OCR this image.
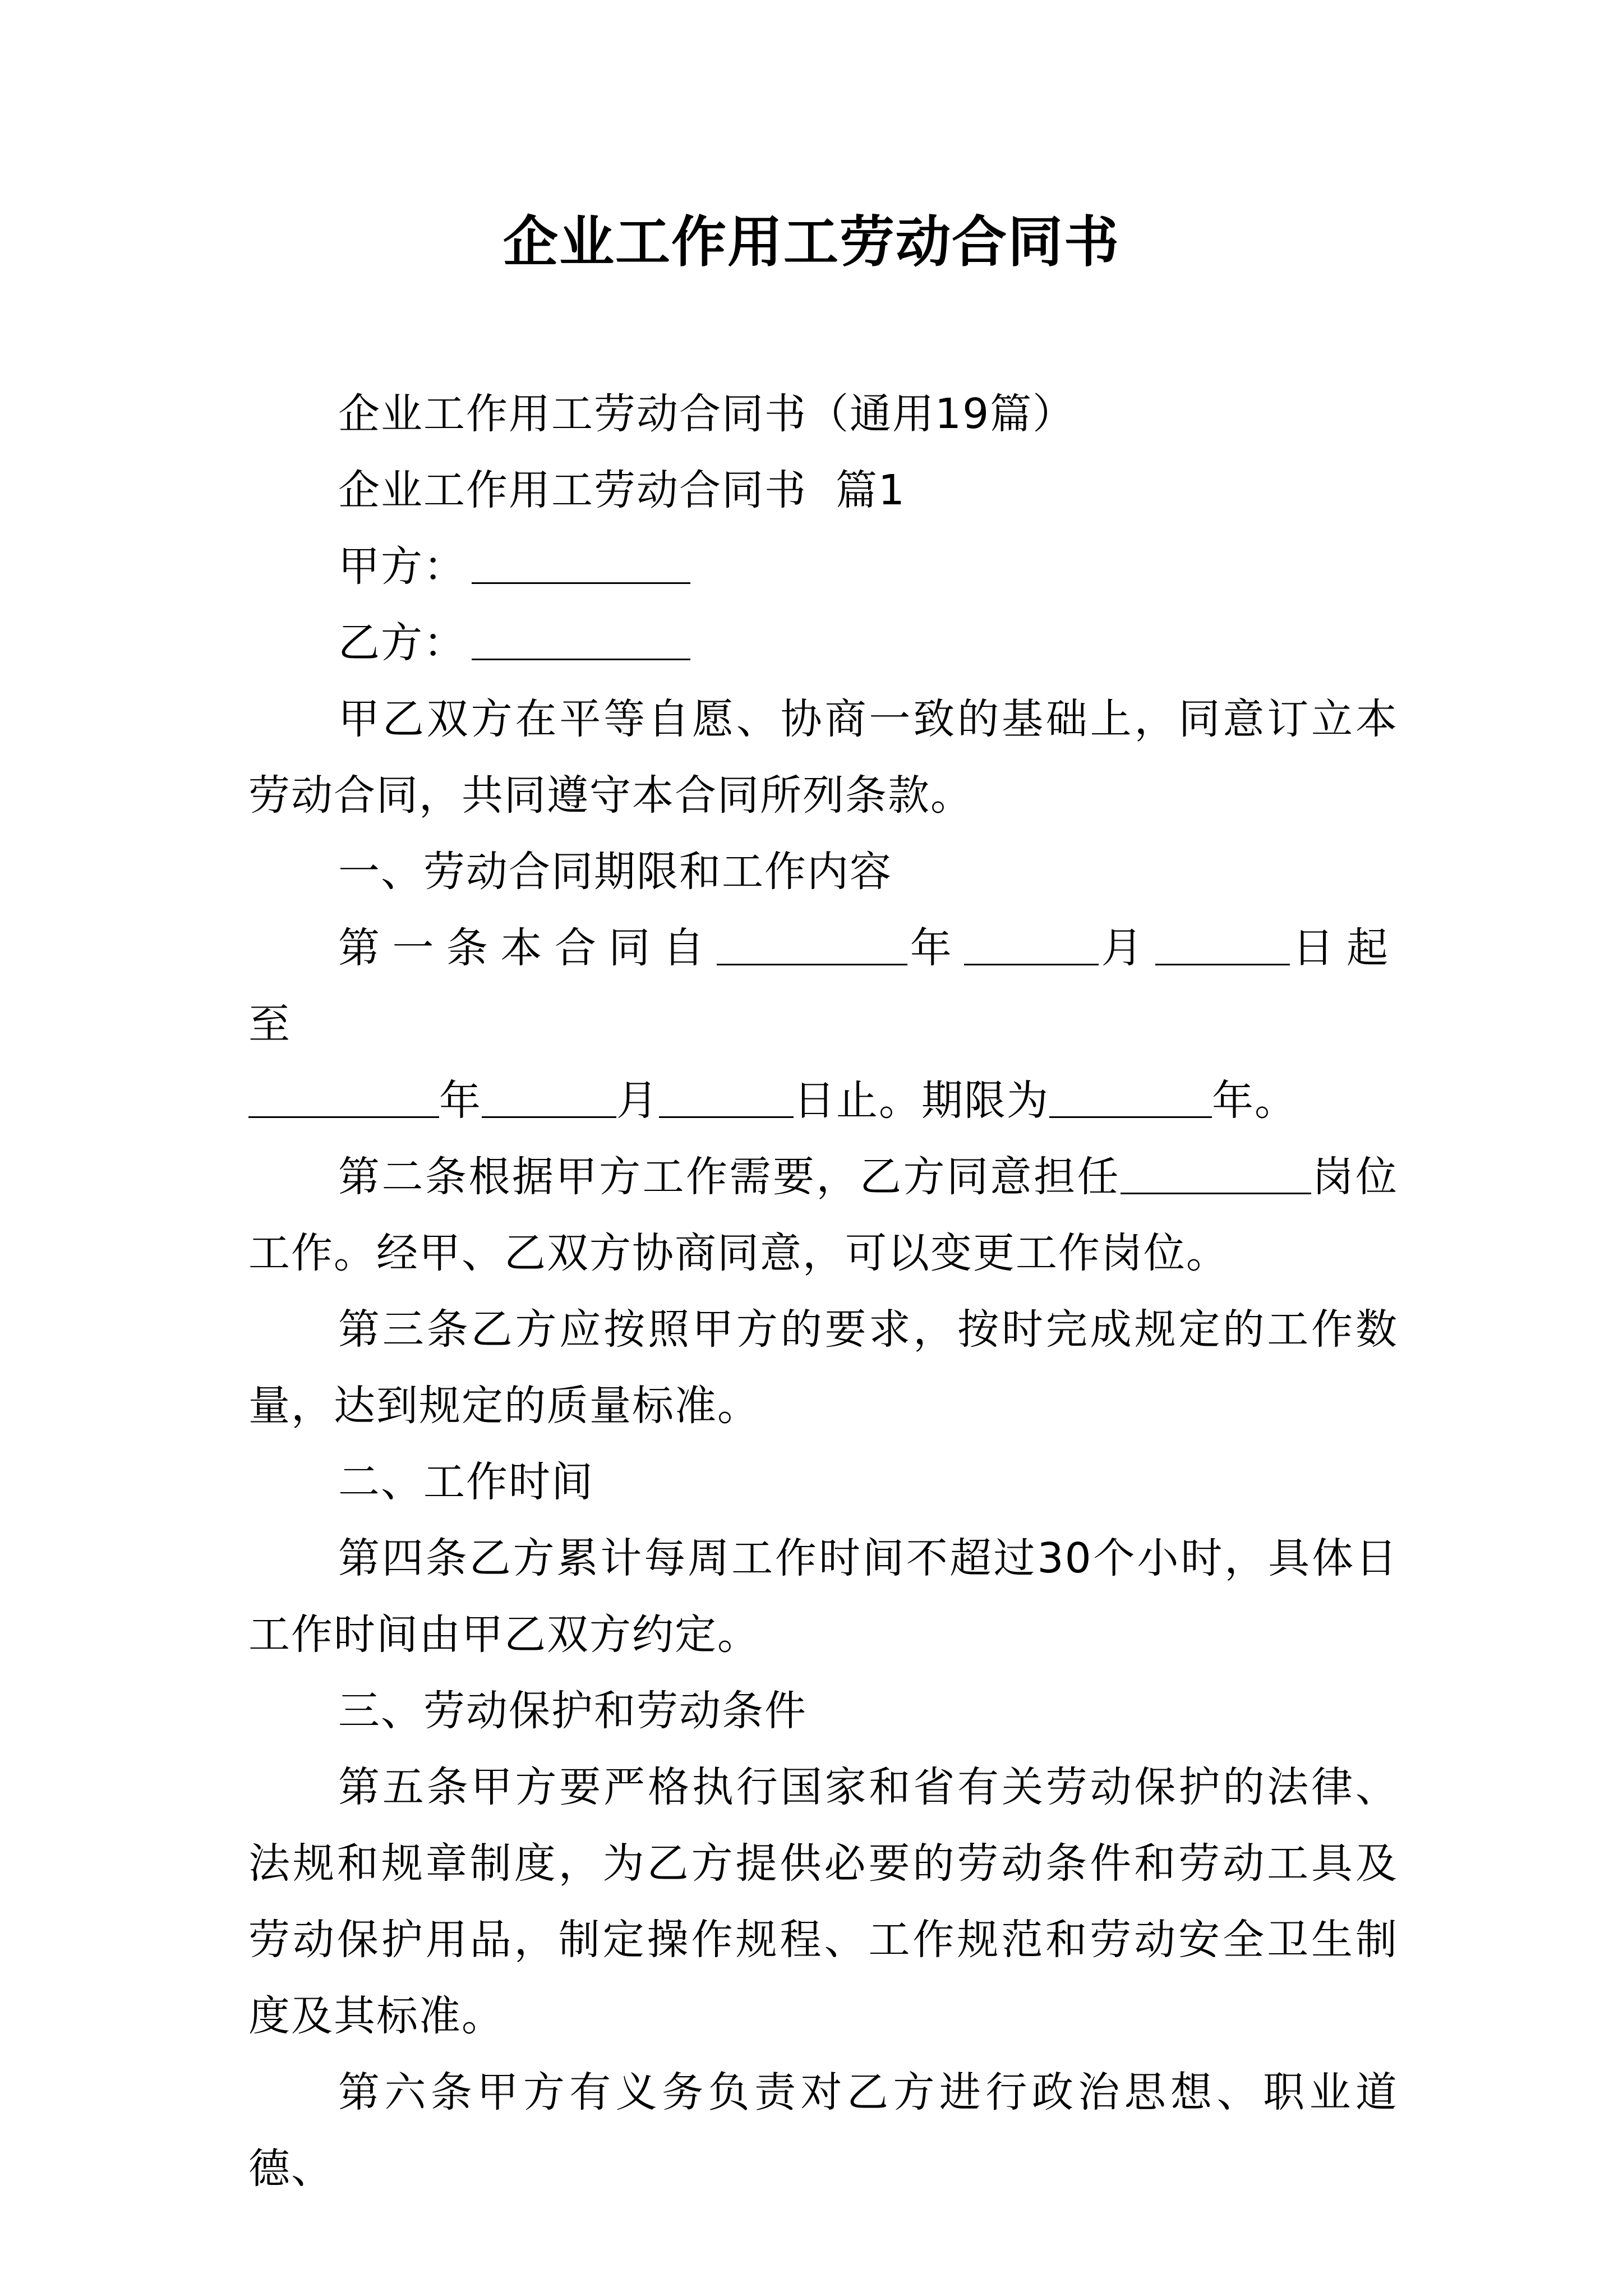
企业工作用工劳动合同书

企业工作用工劳动合同书（通用19篇）

企业工作用工劳动合同书  篇1

甲方：

乙方：

甲乙双方在平等自愿、协商一致的基础上，同意订立本劳动合同，共同遵守本合同所列条款。

一、劳动合同期限和工作内容

第一条本合同自	年	月	日起至

年	月	日止。期限为	年。

第二条根据甲方工作需要，乙方同意担任	岗位工作。经甲、乙双方协商同意，可以变更工作岗位。

第三条乙方应按照甲方的要求，按时完成规定的工作数量，达到规定的质量标准。

二、工作时间

第四条乙方累计每周工作时间不超过30个小时，具体日工作时间由甲乙双方约定。

三、劳动保护和劳动条件

第五条甲方要严格执行国家和省有关劳动保护的法律、法规和规章制度，为乙方提供必要的劳动条件和劳动工具及劳动保护用品，制定操作规程、工作规范和劳动安全卫生制度及其标准。

第六条甲方有义务负责对乙方进行政治思想、职业道德、
